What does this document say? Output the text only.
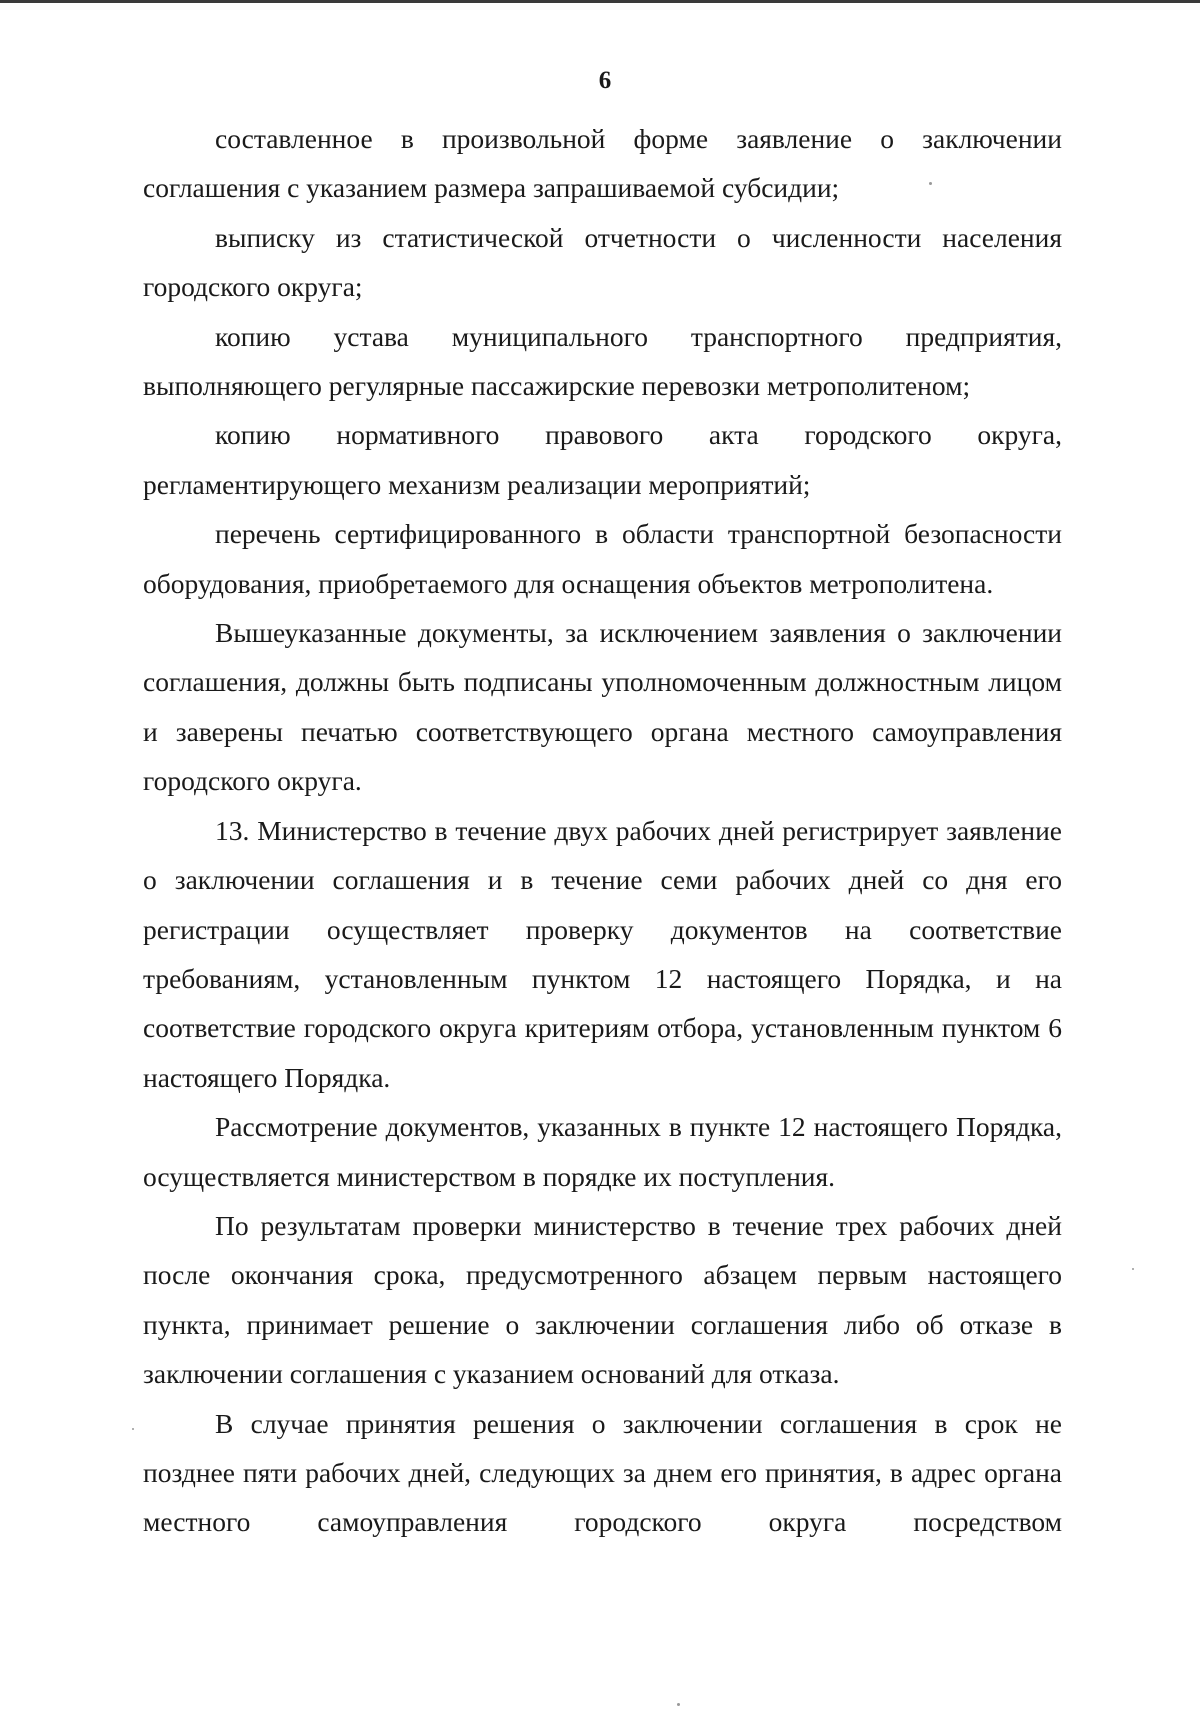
6

составленное в произвольной форме заявление о заключении соглашения с указанием размера запрашиваемой субсидии;

выписку из статистической отчетности о численности населения городского округа;

копию устава муниципального транспортного предприятия, выполняющего регулярные пассажирские перевозки метрополитеном;

копию нормативного правового акта городского округа, регламентирующего механизм реализации мероприятий;

перечень сертифицированного в области транспортной безопасности оборудования, приобретаемого для оснащения объектов метрополитена.

Вышеуказанные документы, за исключением заявления о заключении соглашения, должны быть подписаны уполномоченным должностным лицом и заверены печатью соответствующего органа местного самоуправления городского округа.

13. Министерство в течение двух рабочих дней регистрирует заявление о заключении соглашения и в течение семи рабочих дней со дня его регистрации осуществляет проверку документов на соответствие требованиям, установленным пунктом 12 настоящего Порядка, и на соответствие городского округа критериям отбора, установленным пунктом 6 настоящего Порядка.

Рассмотрение документов, указанных в пункте 12 настоящего Порядка, осуществляется министерством в порядке их поступления.

По результатам проверки министерство в течение трех рабочих дней после окончания срока, предусмотренного абзацем первым настоящего пункта, принимает решение о заключении соглашения либо об отказе в заключении соглашения с указанием оснований для отказа.

В случае принятия решения о заключении соглашения в срок не позднее пяти рабочих дней, следующих за днем его принятия, в адрес органа местного самоуправления городского округа посредством
